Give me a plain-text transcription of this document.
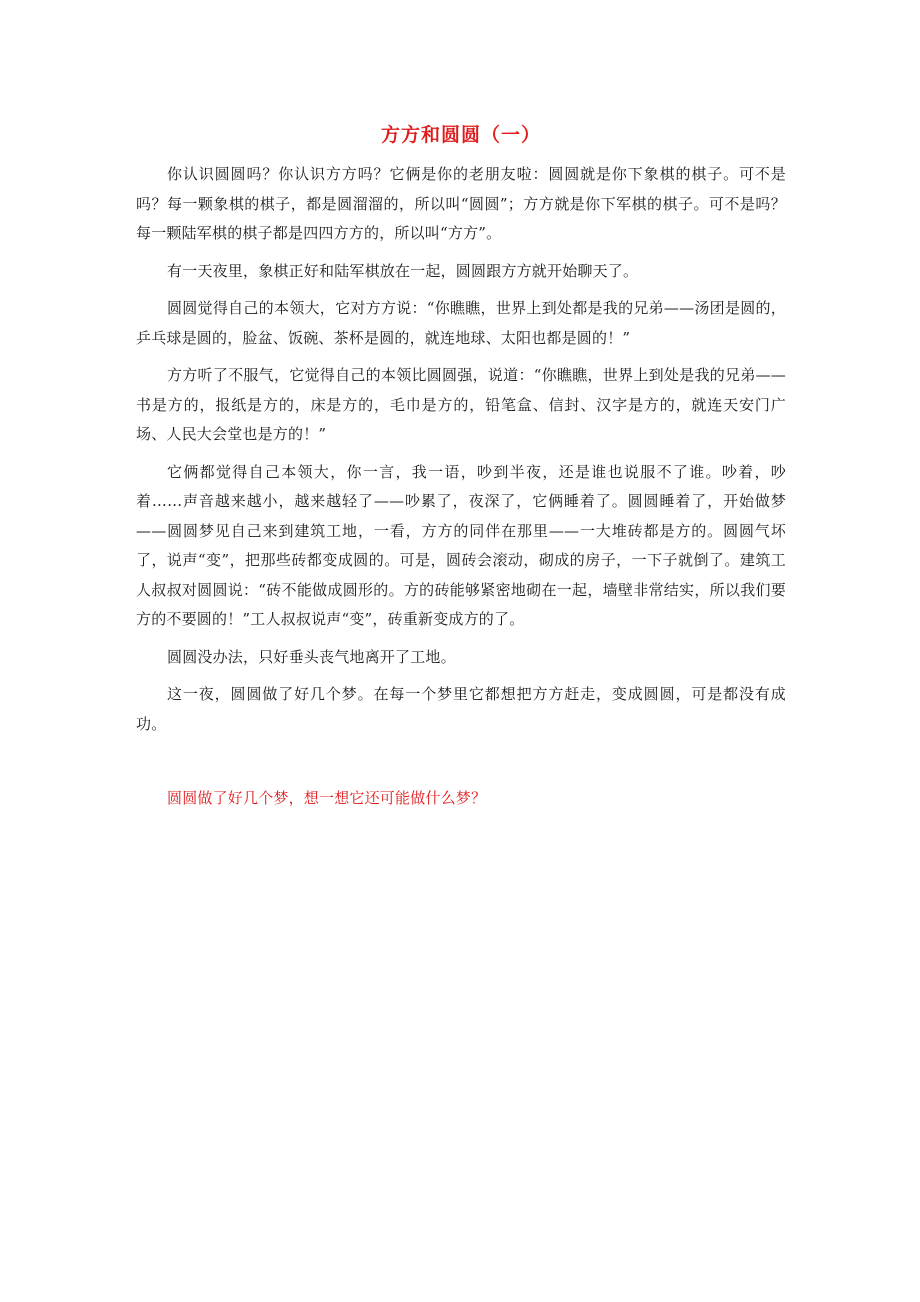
方方和圆圆（一）

你认识圆圆吗？你认识方方吗？它俩是你的老朋友啦：圆圆就是你下象棋的棋子。可不是吗？每一颗象棋的棋子，都是圆溜溜的，所以叫“圆圆”；方方就是你下军棋的棋子。可不是吗？每一颗陆军棋的棋子都是四四方方的，所以叫“方方”。

有一天夜里，象棋正好和陆军棋放在一起，圆圆跟方方就开始聊天了。

圆圆觉得自己的本领大，它对方方说：“你瞧瞧，世界上到处都是我的兄弟——汤团是圆的，乒乓球是圆的，脸盆、饭碗、茶杯是圆的，就连地球、太阳也都是圆的！”

方方听了不服气，它觉得自己的本领比圆圆强，说道：“你瞧瞧，世界上到处是我的兄弟——书是方的，报纸是方的，床是方的，毛巾是方的，铅笔盒、信封、汉字是方的，就连天安门广场、人民大会堂也是方的！”

它俩都觉得自己本领大，你一言，我一语，吵到半夜，还是谁也说服不了谁。吵着，吵着……声音越来越小，越来越轻了——吵累了，夜深了，它俩睡着了。圆圆睡着了，开始做梦——圆圆梦见自己来到建筑工地，一看，方方的同伴在那里——一大堆砖都是方的。圆圆气坏了，说声“变”，把那些砖都变成圆的。可是，圆砖会滚动，砌成的房子，一下子就倒了。建筑工人叔叔对圆圆说：“砖不能做成圆形的。方的砖能够紧密地砌在一起，墙壁非常结实，所以我们要方的不要圆的！”工人叔叔说声“变”，砖重新变成方的了。

圆圆没办法，只好垂头丧气地离开了工地。

这一夜，圆圆做了好几个梦。在每一个梦里它都想把方方赶走，变成圆圆，可是都没有成功。

圆圆做了好几个梦，想一想它还可能做什么梦？
